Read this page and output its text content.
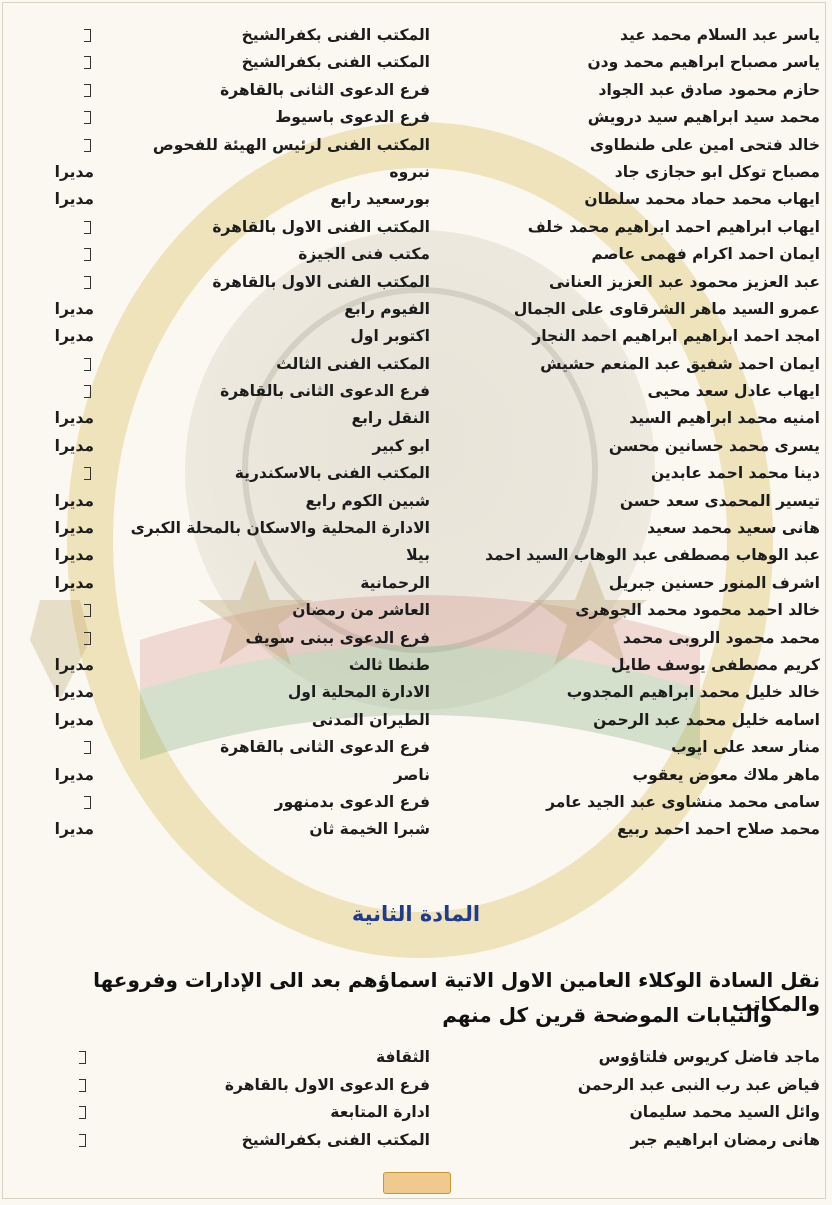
ياسر عبد السلام محمد عيد
المكتب الفنى بكفرالشيخ
ياسر مصباح ابراهيم محمد ودن
المكتب الفنى بكفرالشيخ
حازم محمود صادق عبد الجواد
فرع الدعوى الثانى بالقاهرة
محمد سيد ابراهيم سيد درويش
فرع الدعوى باسيوط
خالد فتحى امين على طنطاوى
المكتب الفنى لرئيس الهيئة للفحوص
مصباح توكل ابو حجازى جاد
نبروه
مديرا
ايهاب محمد حماد محمد سلطان
بورسعيد رابع
مديرا
ايهاب ابراهيم احمد ابراهيم محمد خلف
المكتب الفنى الاول بالقاهرة
ايمان احمد اكرام فهمى عاصم
مكتب فنى الجيزة
عبد العزيز محمود عبد العزيز العنانى
المكتب الفنى الاول بالقاهرة
عمرو السيد ماهر الشرقاوى على الجمال
الفيوم رابع
مديرا
امجد احمد ابراهيم ابراهيم احمد النجار
اكتوبر اول
مديرا
ايمان احمد شفيق عبد المنعم حشيش
المكتب الفنى الثالث
ايهاب عادل سعد محيى
فرع الدعوى الثانى بالقاهرة
امنيه محمد ابراهيم السيد
النقل رابع
مديرا
يسرى محمد حسانين محسن
ابو كبير
مديرا
دينا محمد احمد عابدين
المكتب الفنى بالاسكندرية
تيسير المحمدى سعد حسن
شبين الكوم رابع
مديرا
هانى سعيد محمد سعيد
الادارة المحلية والاسكان بالمحلة الكبرى
مديرا
عبد الوهاب مصطفى عبد الوهاب السيد احمد
بيلا
مديرا
اشرف المنور حسنين جبريل
الرحمانية
مديرا
خالد احمد محمود محمد الجوهرى
العاشر من رمضان
محمد محمود الروبى محمد
فرع الدعوى ببنى سويف
كريم مصطفى يوسف طايل
طنطا ثالث
مديرا
خالد خليل محمد ابراهيم المجدوب
الادارة المحلية اول
مديرا
اسامه خليل محمد عبد الرحمن
الطيران المدنى
مديرا
منار سعد على ايوب
فرع الدعوى الثانى بالقاهرة
ماهر ملاك معوض يعقوب
ناصر
مديرا
سامى محمد منشاوى عبد الجيد عامر
فرع الدعوى بدمنهور
محمد صلاح احمد احمد ربيع
شبرا الخيمة ثان
مديرا
المادة الثانية
نقل السادة الوكلاء العامين الاول الاتية اسماؤهم بعد الى الإدارات وفروعها والمكاتب
والنيابات الموضحة قرين كل منهم
ماجد فاضل كريوس فلتاؤوس
الثقافة
فياض عبد رب النبى عبد الرحمن
فرع الدعوى الاول بالقاهرة
وائل السيد محمد سليمان
ادارة المتابعة
هانى رمضان ابراهيم جبر
المكتب الفنى بكفرالشيخ
